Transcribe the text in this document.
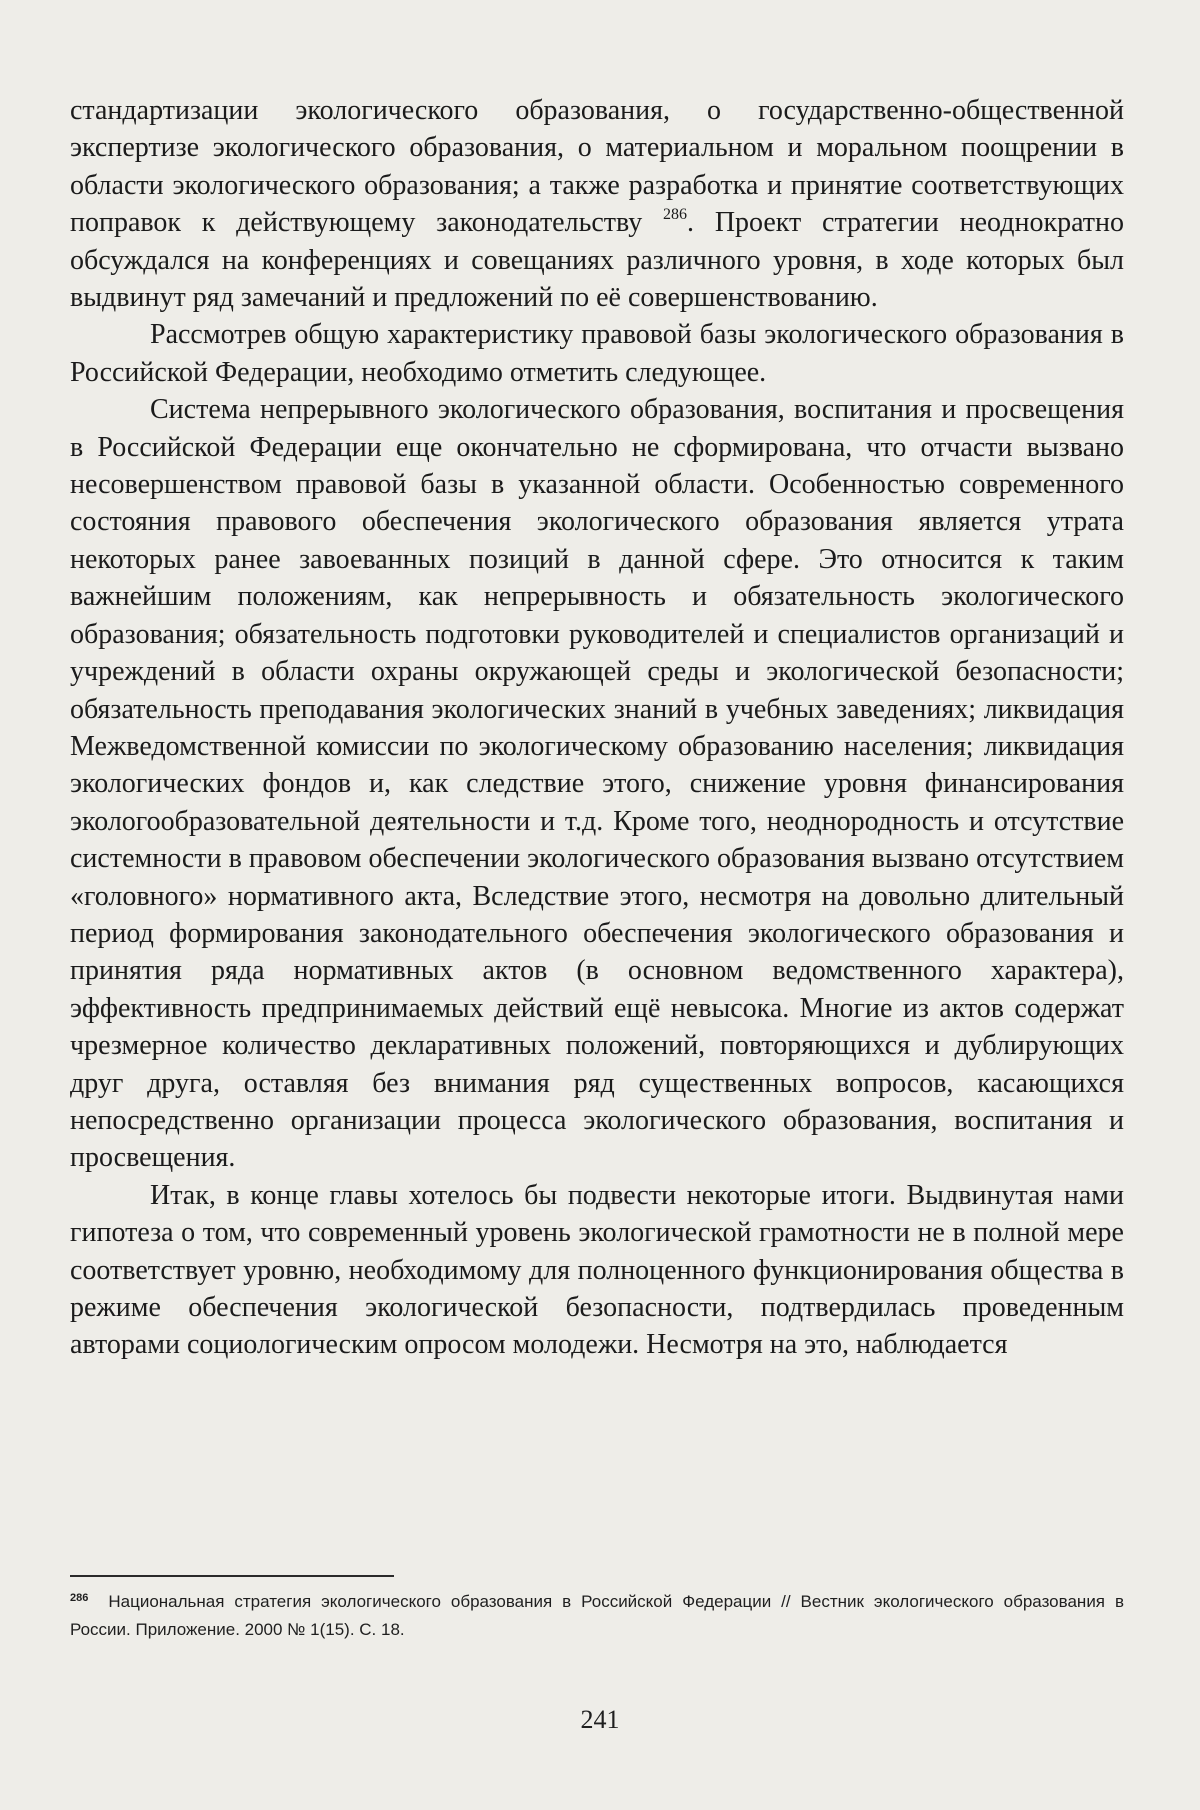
стандартизации экологического образования, о государственно-общественной экспертизе экологического образования, о материальном и моральном поощрении в области экологического образования; а также разработка и принятие соответствующих поправок к действующему законодательству $^{286}$. Проект стратегии неоднократно обсуждался на конференциях и совещаниях различного уровня, в ходе которых был выдвинут ряд замечаний и предложений по её совершенствованию.

Рассмотрев общую характеристику правовой базы экологического образования в Российской Федерации, необходимо отметить следующее.

Система непрерывного экологического образования, воспитания и просвещения в Российской Федерации еще окончательно не сформирована, что отчасти вызвано несовершенством правовой базы в указанной области. Особенностью современного состояния правового обеспечения экологического образования является утрата некоторых ранее завоеванных позиций в данной сфере. Это относится к таким важнейшим положениям, как непрерывность и обязательность экологического образования; обязательность подготовки руководителей и специалистов организаций и учреждений в области охраны окружающей среды и экологической безопасности; обязательность преподавания экологических знаний в учебных заведениях; ликвидация Межведомственной комиссии по экологическому образованию населения; ликвидация экологических фондов и, как следствие этого, снижение уровня финансирования экологообразовательной деятельности и т.д. Кроме того, неоднородность и отсутствие системности в правовом обеспечении экологического образования вызвано отсутствием «головного» нормативного акта, Вследствие этого, несмотря на довольно длительный период формирования законодательного обеспечения экологического образования и принятия ряда нормативных актов (в основном ведомственного характера), эффективность предпринимаемых действий ещё невысока. Многие из актов содержат чрезмерное количество декларативных положений, повторяющихся и дублирующих друг друга, оставляя без внимания ряд существенных вопросов, касающихся непосредственно организации процесса экологического образования, воспитания и просвещения.

Итак, в конце главы хотелось бы подвести некоторые итоги. Выдвинутая нами гипотеза о том, что современный уровень экологической грамотности не в полной мере соответствует уровню, необходимому для полноценного функционирования общества в режиме обеспечения экологической безопасности, подтвердилась проведенным авторами социологическим опросом молодежи. Несмотря на это, наблюдается

$^{286}$ Национальная стратегия экологического образования в Российской Федерации // Вестник экологического образования в России. Приложение. 2000 № 1(15). С. 18.
241
